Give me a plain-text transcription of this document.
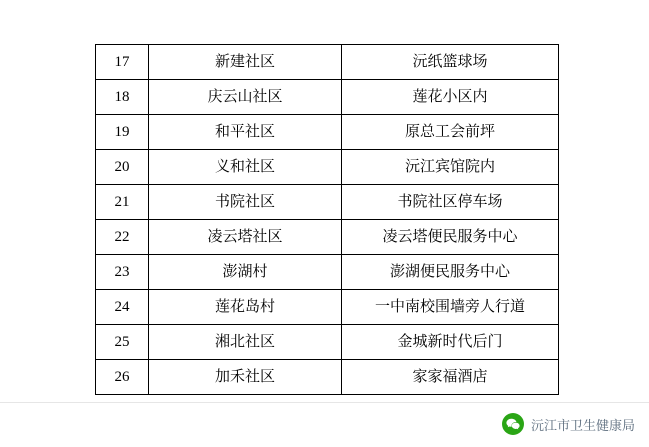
17	新建社区	沅纸篮球场
18	庆云山社区	莲花小区内
19	和平社区	原总工会前坪
20	义和社区	沅江宾馆院内
21	书院社区	书院社区停车场
22	凌云塔社区	凌云塔便民服务中心
23	澎湖村	澎湖便民服务中心
24	莲花岛村	一中南校围墙旁人行道
25	湘北社区	金城新时代后门
26	加禾社区	家家福酒店
沅江市卫生健康局
